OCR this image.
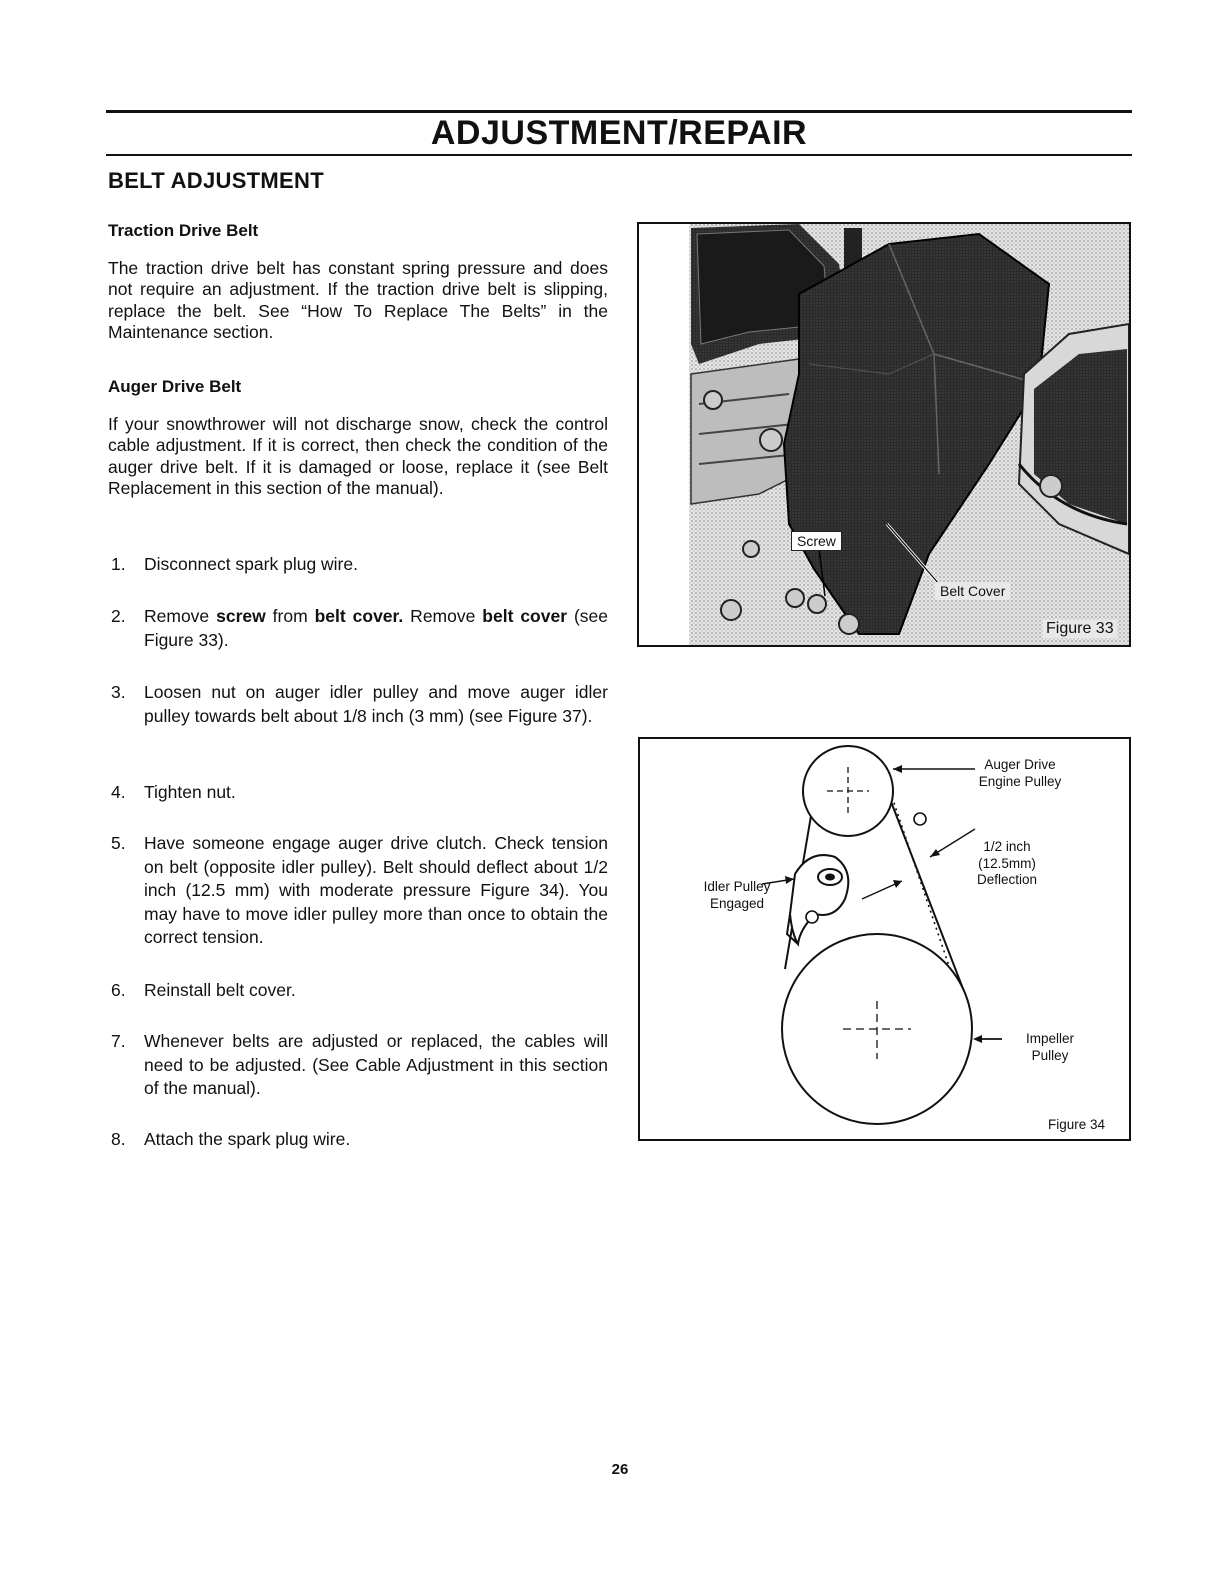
ADJUSTMENT/REPAIR
BELT ADJUSTMENT
Traction Drive Belt
The traction drive belt has constant spring pressure and does not require an adjustment. If the traction drive belt is slipping, replace the belt. See “How To Replace The Belts” in the Maintenance section.
Auger Drive Belt
If your snowthrower will not discharge snow, check the control cable adjustment. If it is correct, then check the condition of the auger drive belt. If it is damaged or loose, replace it (see Belt Replacement in this section of the manual).
1. Disconnect spark plug wire.
2. Remove screw from belt cover. Remove belt cover (see Figure 33).
3. Loosen nut on auger idler pulley and move auger idler pulley towards belt about 1/8 inch (3 mm) (see Figure 37).
4. Tighten nut.
5. Have someone engage auger drive clutch. Check tension on belt (opposite idler pulley). Belt should deflect about 1/2 inch (12.5 mm) with moderate pressure Figure 34). You may have to move idler pulley more than once to obtain the correct tension.
6. Reinstall belt cover.
7. Whenever belts are adjusted or replaced, the cables will need to be adjusted. (See Cable Adjustment in this section of the manual).
8. Attach the spark plug wire.
Screw
Belt Cover
Figure 33
Auger Drive Engine Pulley
1/2 inch (12.5mm) Deflection
Idler Pulley Engaged
Impeller Pulley
Figure 34
26
